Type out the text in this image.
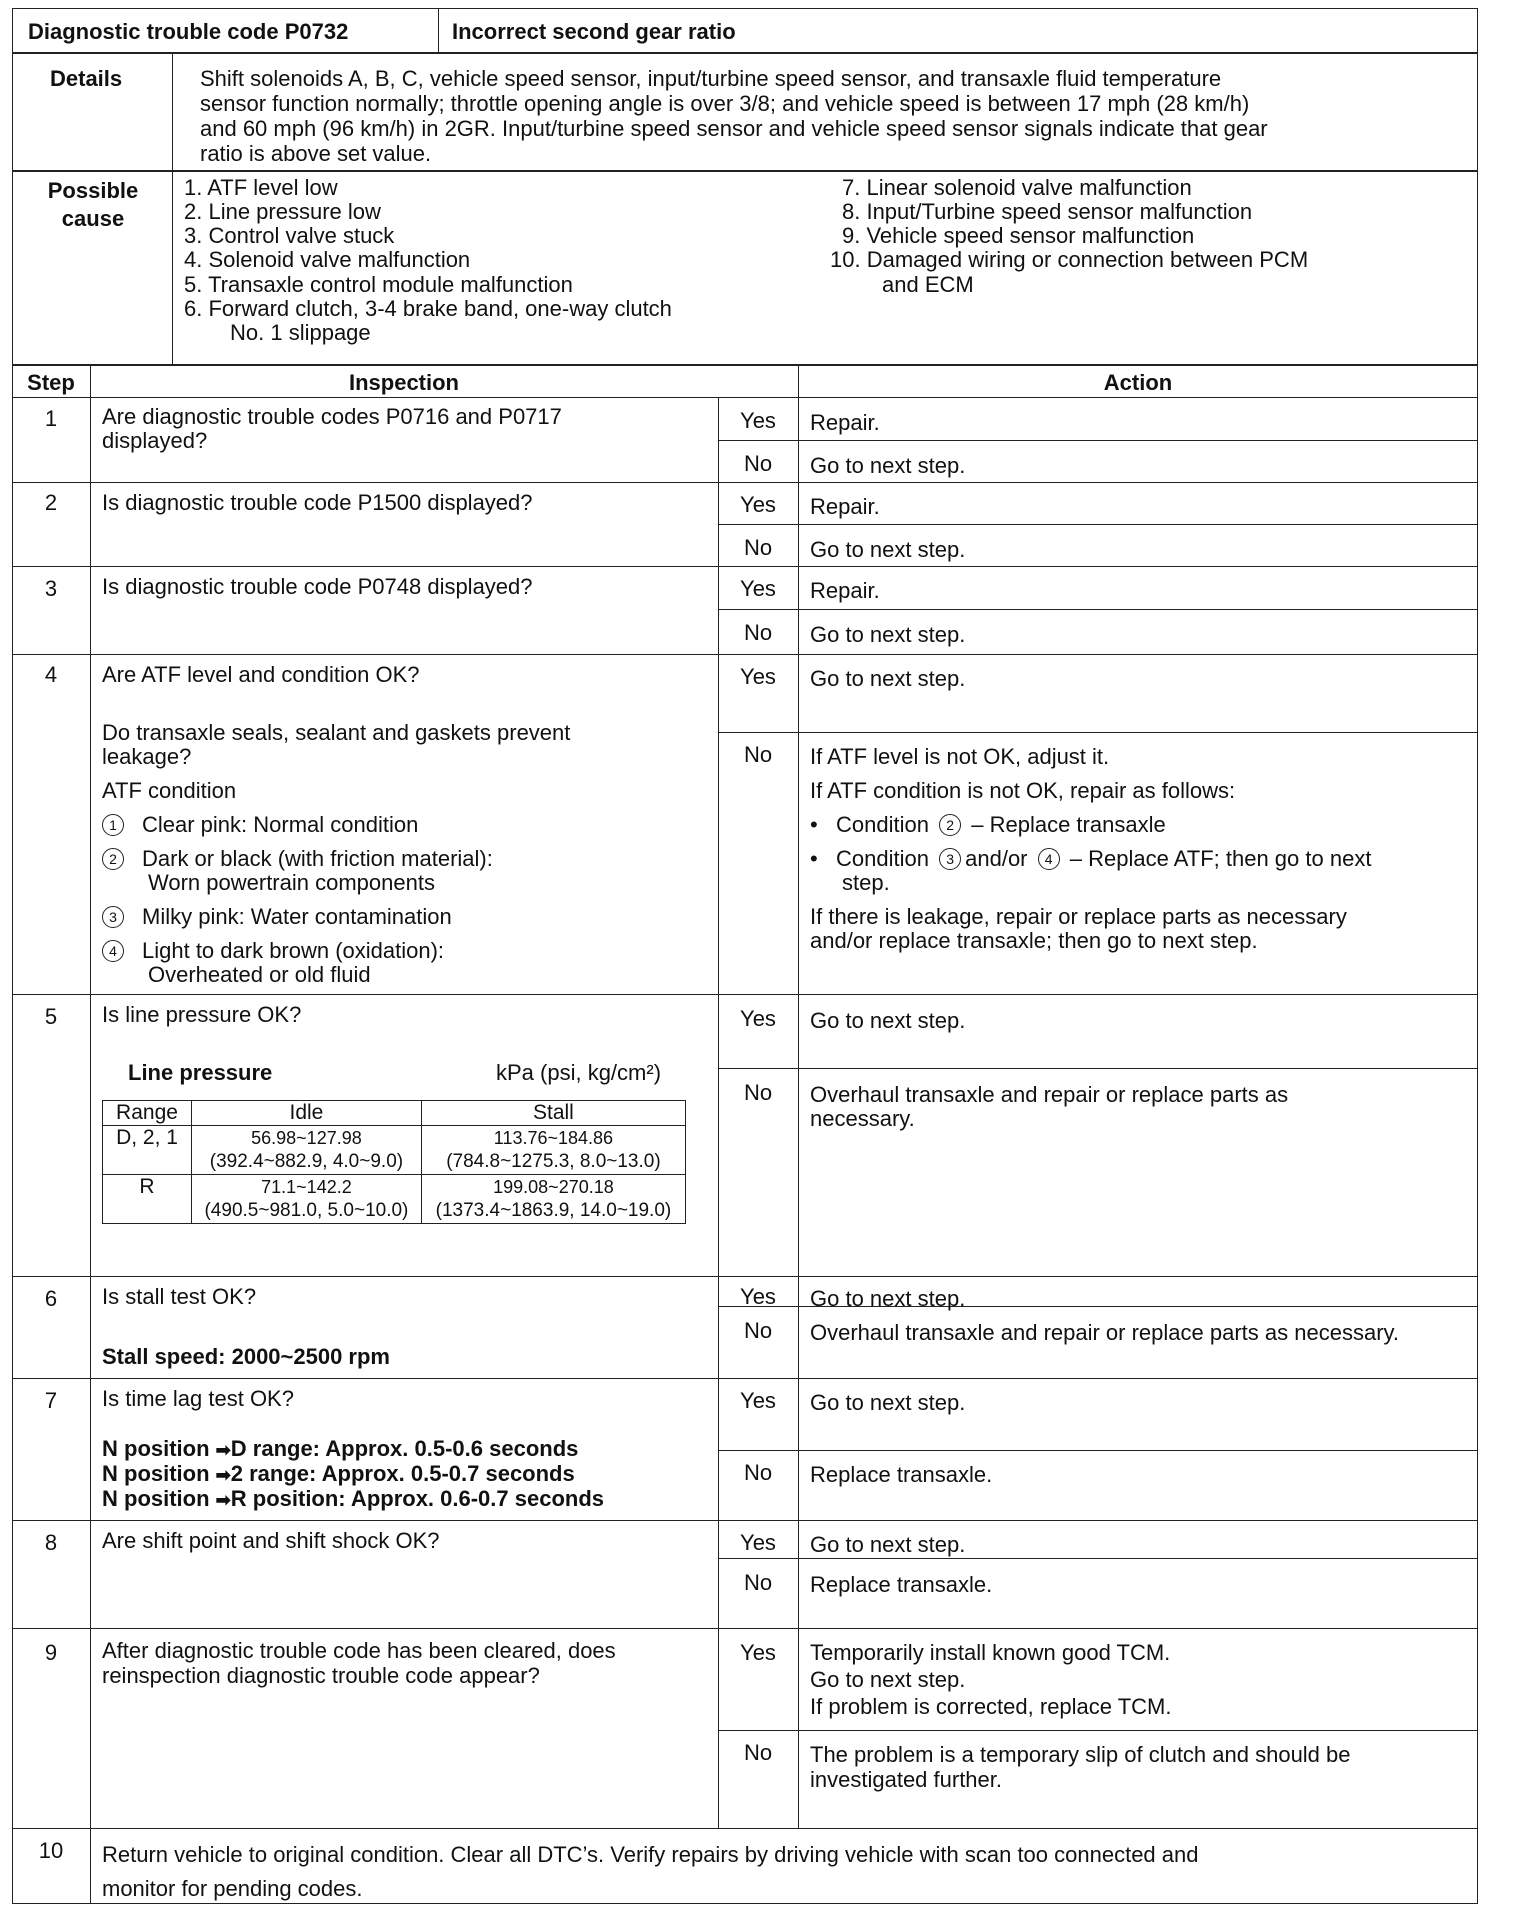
Diagnostic trouble code P0732	Incorrect second gear ratio
Details	Shift solenoids A, B, C, vehicle speed sensor, input/turbine speed sensor, and transaxle fluid temperature
sensor function normally; throttle opening angle is over 3/8; and vehicle speed is between 17 mph (28 km/h)
and 60 mph (96 km/h) in 2GR. Input/turbine speed sensor and vehicle speed sensor signals indicate that gear
ratio is above set value.
Possible
cause
1. ATF level low
2. Line pressure low
3. Control valve stuck
4. Solenoid valve malfunction
5. Transaxle control module malfunction
6. Forward clutch, 3-4 brake band, one-way clutch
No. 1 slippage
7. Linear solenoid valve malfunction
8. Input/Turbine speed sensor malfunction
9. Vehicle speed sensor malfunction
10. Damaged wiring or connection between PCM
and ECM
Step	Inspection	Action
1	Are diagnostic trouble codes P0716 and P0717
displayed?
Yes	Repair.
No	Go to next step.
2	Is diagnostic trouble code P1500 displayed?	Yes	Repair.
No	Go to next step.
3	Is diagnostic trouble code P0748 displayed?	Yes	Repair.
No	Go to next step.
4	Are ATF level and condition OK?
Do transaxle seals, sealant and gaskets prevent
leakage?
ATF condition
1 Clear pink: Normal condition
2 Dark or black (with friction material):
Worn powertrain components
3 Milky pink: Water contamination
4 Light to dark brown (oxidation):
Overheated or old fluid
Yes	Go to next step.
No	If ATF level is not OK, adjust it.
If ATF condition is not OK, repair as follows:
•   Condition 2 – Replace transaxle
•   Condition 3 and/or 4 – Replace ATF; then go to next
step.
If there is leakage, repair or replace parts as necessary
and/or replace transaxle; then go to next step.
5	Is line pressure OK?
Line pressure	kPa (psi, kg/cm²)
Range	Idle	Stall
D, 2, 1	56.98~127.98	113.76~184.86
	(392.4~882.9, 4.0~9.0)	(784.8~1275.3, 8.0~13.0)
R	71.1~142.2	199.08~270.18
	(490.5~981.0, 5.0~10.0)	(1373.4~1863.9, 14.0~19.0)
Yes	Go to next step.
No	Overhaul transaxle and repair or replace parts as
necessary.
6	Is stall test OK?
Stall speed: 2000~2500 rpm
Yes	Go to next step.
No	Overhaul transaxle and repair or replace parts as necessary.
7	Is time lag test OK?
N position ➡D range: Approx. 0.5-0.6 seconds
N position ➡2 range: Approx. 0.5-0.7 seconds
N position ➡R position: Approx. 0.6-0.7 seconds
Yes	Go to next step.
No	Replace transaxle.
8	Are shift point and shift shock OK?	Yes	Go to next step.
No	Replace transaxle.
9	After diagnostic trouble code has been cleared, does
reinspection diagnostic trouble code appear?
Yes	Temporarily install known good TCM.
Go to next step.
If problem is corrected, replace TCM.
No	The problem is a temporary slip of clutch and should be
investigated further.
10	Return vehicle to original condition. Clear all DTC’s. Verify repairs by driving vehicle with scan too connected and
monitor for pending codes.
